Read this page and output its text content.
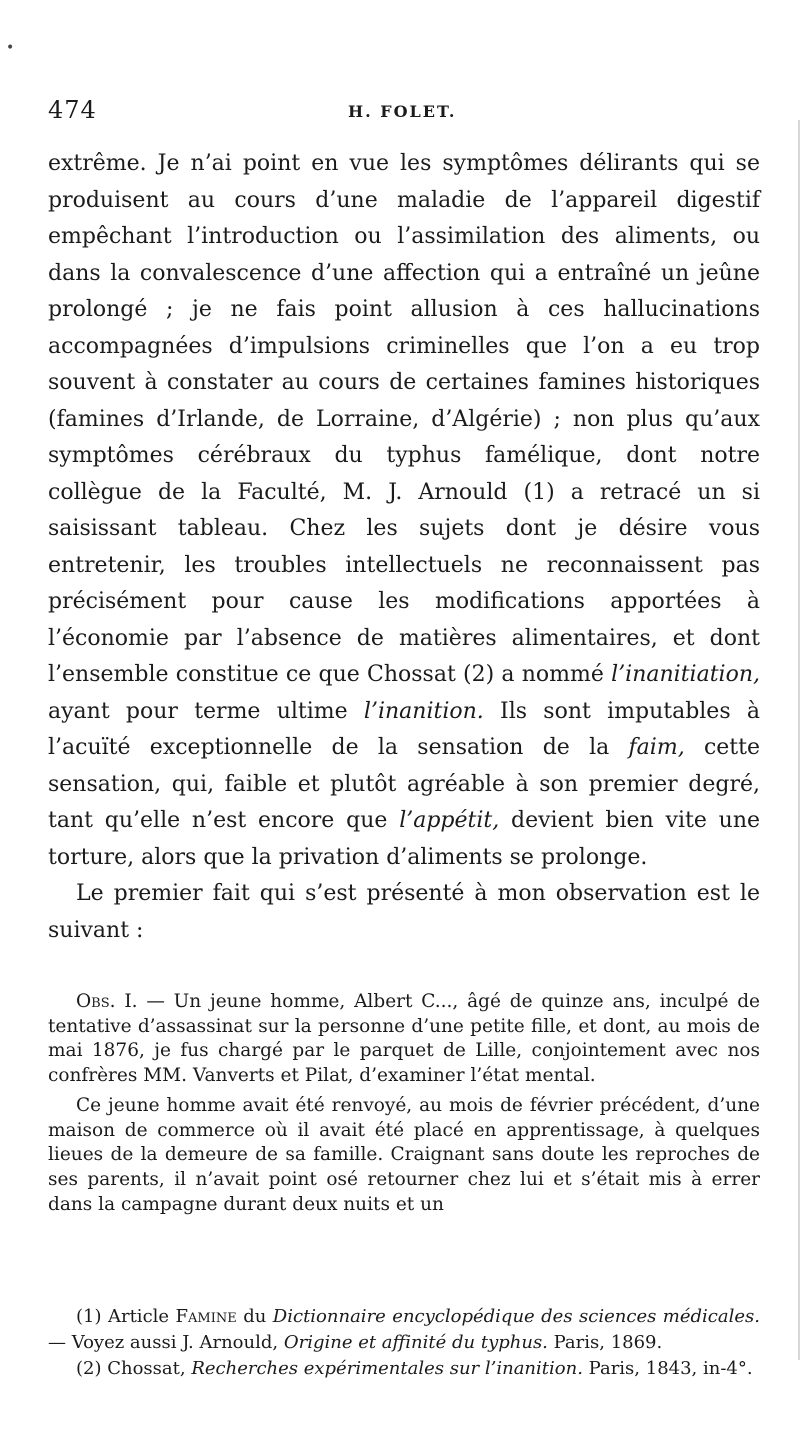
•
474	H. FOLET.

extrême. Je n’ai point en vue les symptômes délirants qui se produisent au cours d’une maladie de l’appareil digestif empêchant l’introduction ou l’assimilation des aliments, ou dans la convalescence d’une affection qui a entraîné un jeûne prolongé ; je ne fais point allusion à ces hallucinations accompagnées d’impulsions criminelles que l’on a eu trop souvent à constater au cours de certaines famines historiques (famines d’Irlande, de Lorraine, d’Algérie) ; non plus qu’aux symptômes cérébraux du typhus famélique, dont notre collègue de la Faculté, M. J. Arnould (1) a retracé un si saisissant tableau. Chez les sujets dont je désire vous entretenir, les troubles intellectuels ne reconnaissent pas précisément pour cause les modifications apportées à l’économie par l’absence de matières alimentaires, et dont l’ensemble constitue ce que Chossat (2) a nommé l’inanitiation, ayant pour terme ultime l’inanition. Ils sont imputables à l’acuïté exceptionnelle de la sensation de la faim, cette sensation, qui, faible et plutôt agréable à son premier degré, tant qu’elle n’est encore que l’appétit, devient bien vite une torture, alors que la privation d’aliments se prolonge.

Le premier fait qui s’est présenté à mon observation est le suivant :

Obs. I. — Un jeune homme, Albert C..., âgé de quinze ans, inculpé de tentative d’assassinat sur la personne d’une petite fille, et dont, au mois de mai 1876, je fus chargé par le parquet de Lille, conjointement avec nos confrères MM. Vanverts et Pilat, d’examiner l’état mental.

Ce jeune homme avait été renvoyé, au mois de février précédent, d’une maison de commerce où il avait été placé en apprentissage, à quelques lieues de la demeure de sa famille. Craignant sans doute les reproches de ses parents, il n’avait point osé retourner chez lui et s’était mis à errer dans la campagne durant deux nuits et un

(1) Article Famine du Dictionnaire encyclopédique des sciences médicales. — Voyez aussi J. Arnould, Origine et affinité du typhus. Paris, 1869.

(2) Chossat, Recherches expérimentales sur l’inanition. Paris, 1843, in-4°.
